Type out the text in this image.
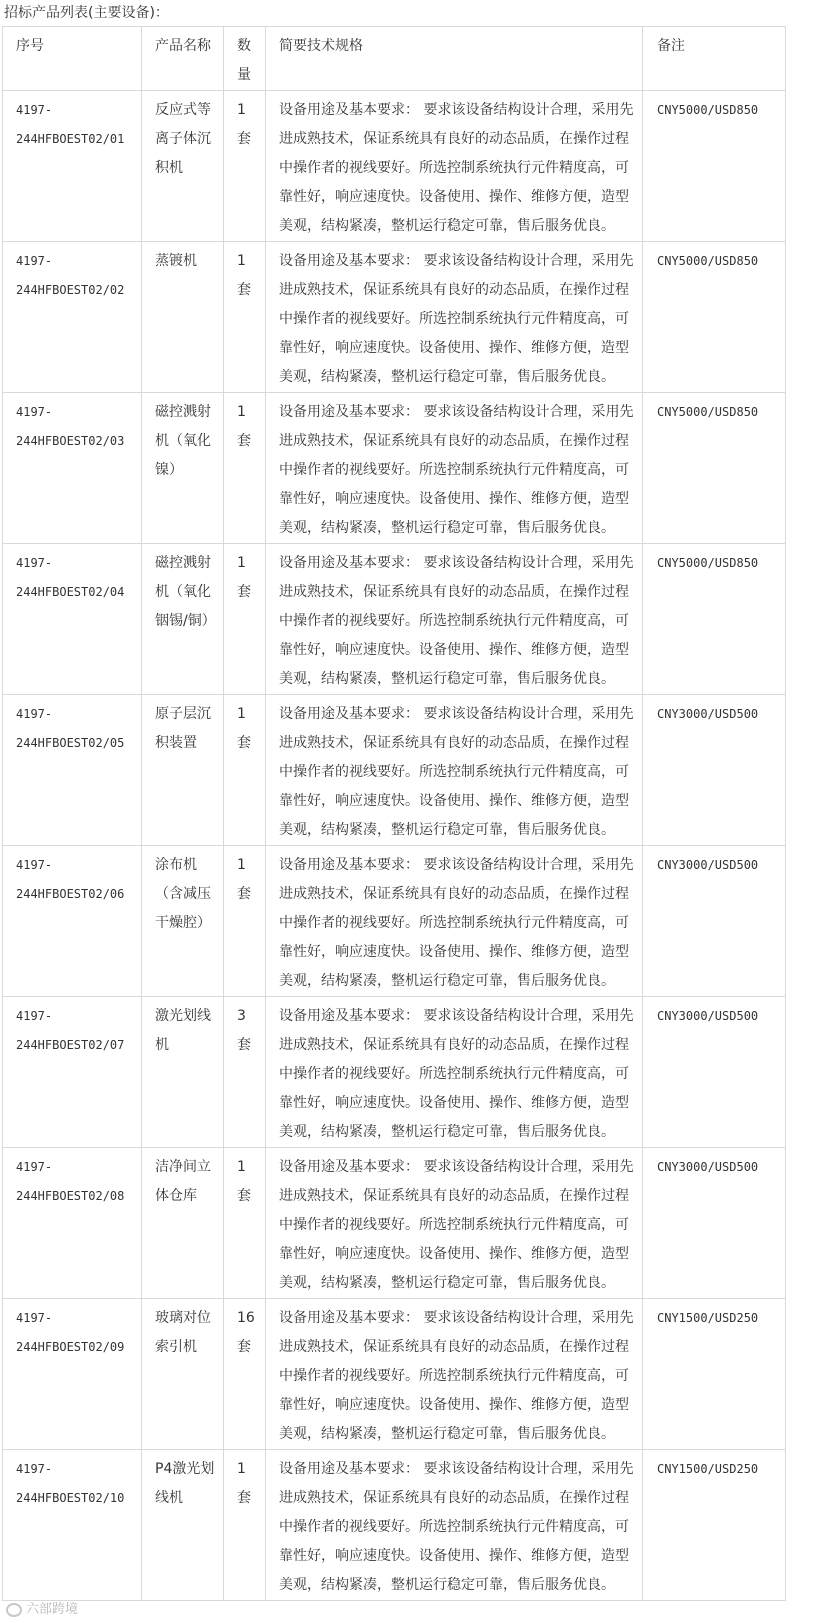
招标产品列表(主要设备)：
序号	产品名称	数量	简要技术规格	备注

4197-
244HFBOEST02/01	反应式等离子体沉积机	1套	设备用途及基本要求： 要求该设备结构设计合理，采用先进成熟技术，保证系统具有良好的动态品质，在操作过程中操作者的视线要好。所选控制系统执行元件精度高，可靠性好，响应速度快。设备使用、操作、维修方便，造型美观，结构紧凑，整机运行稳定可靠，售后服务优良。	CNY5000/USD850

4197-
244HFBOEST02/02	蒸镀机	1套	设备用途及基本要求： 要求该设备结构设计合理，采用先进成熟技术，保证系统具有良好的动态品质，在操作过程中操作者的视线要好。所选控制系统执行元件精度高，可靠性好，响应速度快。设备使用、操作、维修方便，造型美观，结构紧凑，整机运行稳定可靠，售后服务优良。	CNY5000/USD850

4197-
244HFBOEST02/03	磁控溅射机（氧化镍）	1套	设备用途及基本要求： 要求该设备结构设计合理，采用先进成熟技术，保证系统具有良好的动态品质，在操作过程中操作者的视线要好。所选控制系统执行元件精度高，可靠性好，响应速度快。设备使用、操作、维修方便，造型美观，结构紧凑，整机运行稳定可靠，售后服务优良。	CNY5000/USD850

4197-
244HFBOEST02/04	磁控溅射机（氧化铟锡/铜）	1套	设备用途及基本要求： 要求该设备结构设计合理，采用先进成熟技术，保证系统具有良好的动态品质，在操作过程中操作者的视线要好。所选控制系统执行元件精度高，可靠性好，响应速度快。设备使用、操作、维修方便，造型美观，结构紧凑，整机运行稳定可靠，售后服务优良。	CNY5000/USD850

4197-
244HFBOEST02/05	原子层沉积装置	1套	设备用途及基本要求： 要求该设备结构设计合理，采用先进成熟技术，保证系统具有良好的动态品质，在操作过程中操作者的视线要好。所选控制系统执行元件精度高，可靠性好，响应速度快。设备使用、操作、维修方便，造型美观，结构紧凑，整机运行稳定可靠，售后服务优良。	CNY3000/USD500

4197-
244HFBOEST02/06	涂布机（含减压干燥腔）	1套	设备用途及基本要求： 要求该设备结构设计合理，采用先进成熟技术，保证系统具有良好的动态品质，在操作过程中操作者的视线要好。所选控制系统执行元件精度高，可靠性好，响应速度快。设备使用、操作、维修方便，造型美观，结构紧凑，整机运行稳定可靠，售后服务优良。	CNY3000/USD500

4197-
244HFBOEST02/07	激光划线机	3套	设备用途及基本要求： 要求该设备结构设计合理，采用先进成熟技术，保证系统具有良好的动态品质，在操作过程中操作者的视线要好。所选控制系统执行元件精度高，可靠性好，响应速度快。设备使用、操作、维修方便，造型美观，结构紧凑，整机运行稳定可靠，售后服务优良。	CNY3000/USD500

4197-
244HFBOEST02/08	洁净间立体仓库	1套	设备用途及基本要求： 要求该设备结构设计合理，采用先进成熟技术，保证系统具有良好的动态品质，在操作过程中操作者的视线要好。所选控制系统执行元件精度高，可靠性好，响应速度快。设备使用、操作、维修方便，造型美观，结构紧凑，整机运行稳定可靠，售后服务优良。	CNY3000/USD500

4197-
244HFBOEST02/09	玻璃对位索引机	16套	设备用途及基本要求： 要求该设备结构设计合理，采用先进成熟技术，保证系统具有良好的动态品质，在操作过程中操作者的视线要好。所选控制系统执行元件精度高，可靠性好，响应速度快。设备使用、操作、维修方便，造型美观，结构紧凑，整机运行稳定可靠，售后服务优良。	CNY1500/USD250

4197-
244HFBOEST02/10	P4激光划线机	1套	设备用途及基本要求： 要求该设备结构设计合理，采用先进成熟技术，保证系统具有良好的动态品质，在操作过程中操作者的视线要好。所选控制系统执行元件精度高，可靠性好，响应速度快。设备使用、操作、维修方便，造型美观，结构紧凑，整机运行稳定可靠，售后服务优良。	CNY1500/USD250
六部跨境
